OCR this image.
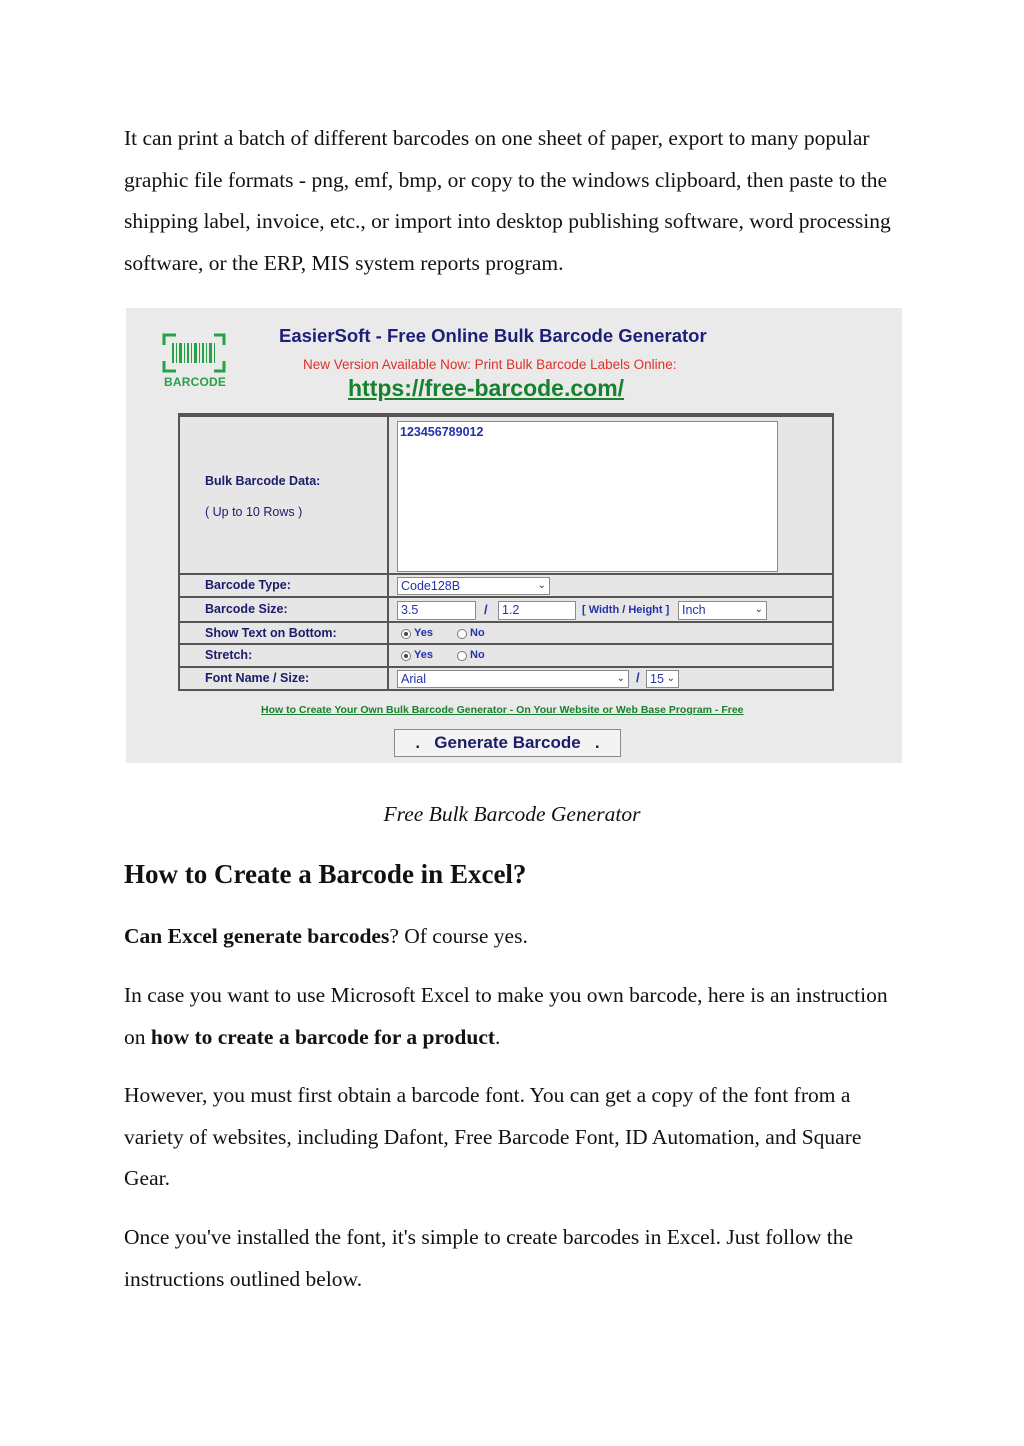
It can print a batch of different barcodes on one sheet of paper, export to many popular graphic file formats - png, emf, bmp, or copy to the windows clipboard, then paste to the shipping label, invoice, etc., or import into desktop publishing software, word processing software, or the ERP, MIS system reports program.

BARCODE
EasierSoft - Free Online Bulk Barcode Generator
New Version Available Now: Print Bulk Barcode Labels Online:
https://free-barcode.com/
Bulk Barcode Data:
( Up to 10 Rows )
123456789012
Barcode Type:	Code128B	⌄
Barcode Size:	3.5	/	1.2	[ Width / Height ]	Inch	⌄
Show Text on Bottom:	Yes	No
Stretch:	Yes	No
Font Name / Size:	Arial	⌄ / 15 ⌄
How to Create Your Own Bulk Barcode Generator - On Your Website or Web Base Program - Free
.   Generate Barcode   .
Free Bulk Barcode Generator
How to Create a Barcode in Excel?

Can Excel generate barcodes? Of course yes.

In case you want to use Microsoft Excel to make you own barcode, here is an instruction on how to create a barcode for a product.

However, you must first obtain a barcode font. You can get a copy of the font from a variety of websites, including Dafont, Free Barcode Font, ID Automation, and Square Gear.

Once you've installed the font, it's simple to create barcodes in Excel. Just follow the instructions outlined below.
